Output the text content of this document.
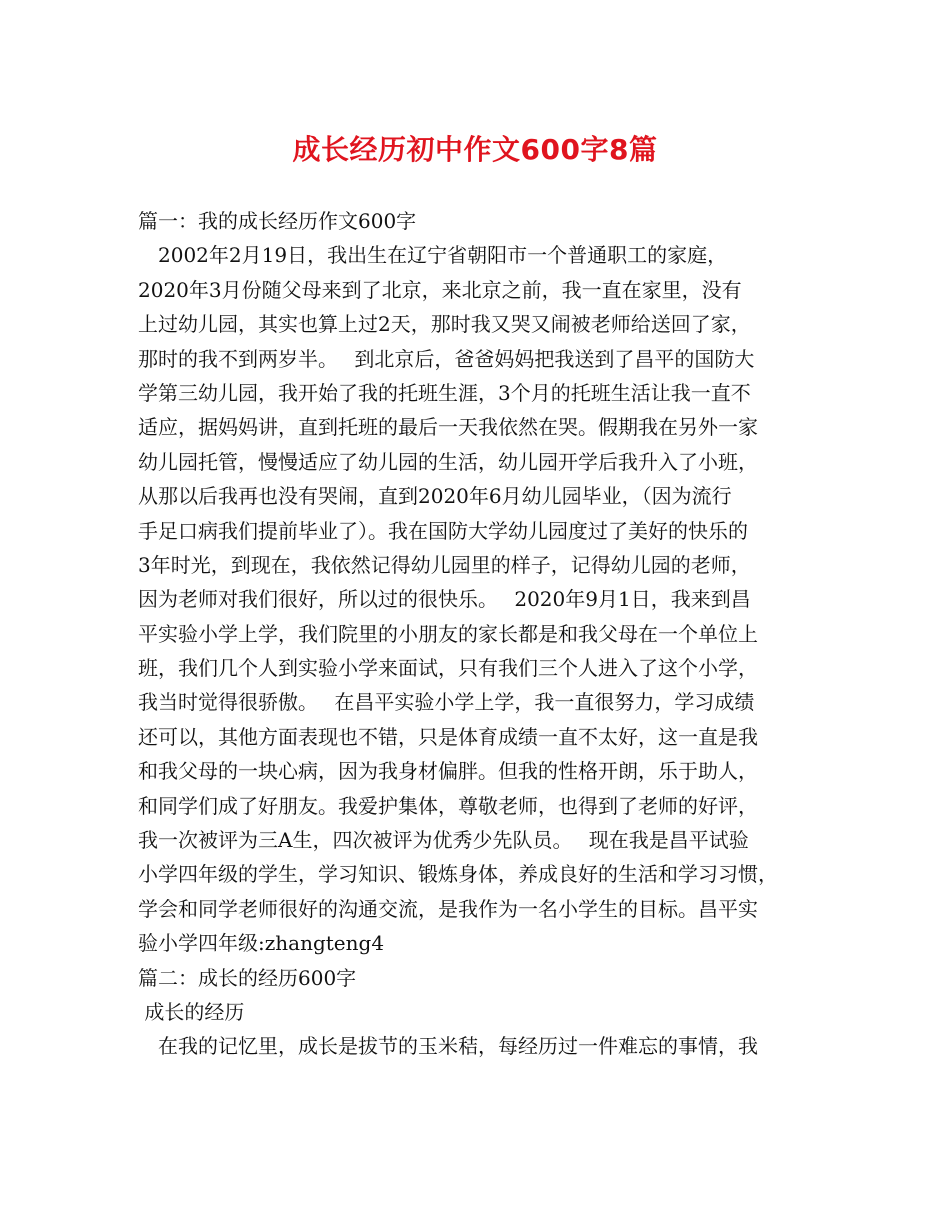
成长经历初中作文600字8篇
篇一：我的成长经历作文600字
　2002年2月19日，我出生在辽宁省朝阳市一个普通职工的家庭，
2020年3月份随父母来到了北京，来北京之前，我一直在家里，没有
上过幼儿园，其实也算上过2天，那时我又哭又闹被老师给送回了家，
那时的我不到两岁半。　 到北京后，爸爸妈妈把我送到了昌平的国防大
学第三幼儿园，我开始了我的托班生涯，3个月的托班生活让我一直不
适应，据妈妈讲，直到托班的最后一天我依然在哭。假期我在另外一家
幼儿园托管，慢慢适应了幼儿园的生活，幼儿园开学后我升入了小班，
从那以后我再也没有哭闹，直到2020年6月幼儿园毕业，（因为流行
手足口病我们提前毕业了）。我在国防大学幼儿园度过了美好的快乐的
3年时光，到现在，我依然记得幼儿园里的样子，记得幼儿园的老师，
因为老师对我们很好，所以过的很快乐。　 2020年9月1日，我来到昌
平实验小学上学，我们院里的小朋友的家长都是和我父母在一个单位上
班，我们几个人到实验小学来面试，只有我们三个人进入了这个小学，
我当时觉得很骄傲。　 在昌平实验小学上学，我一直很努力，学习成绩
还可以，其他方面表现也不错，只是体育成绩一直不太好，这一直是我
和我父母的一块心病，因为我身材偏胖。但我的性格开朗，乐于助人，
和同学们成了好朋友。我爱护集体，尊敬老师，也得到了老师的好评，
我一次被评为三A生，四次被评为优秀少先队员。　 现在我是昌平试验
小学四年级的学生，学习知识、锻炼身体，养成良好的生活和学习习惯，
学会和同学老师很好的沟通交流，是我作为一名小学生的目标。昌平实
验小学四年级:zhangteng4
篇二：成长的经历600字
成长的经历
　在我的记忆里，成长是拔节的玉米秸，每经历过一件难忘的事情，我
